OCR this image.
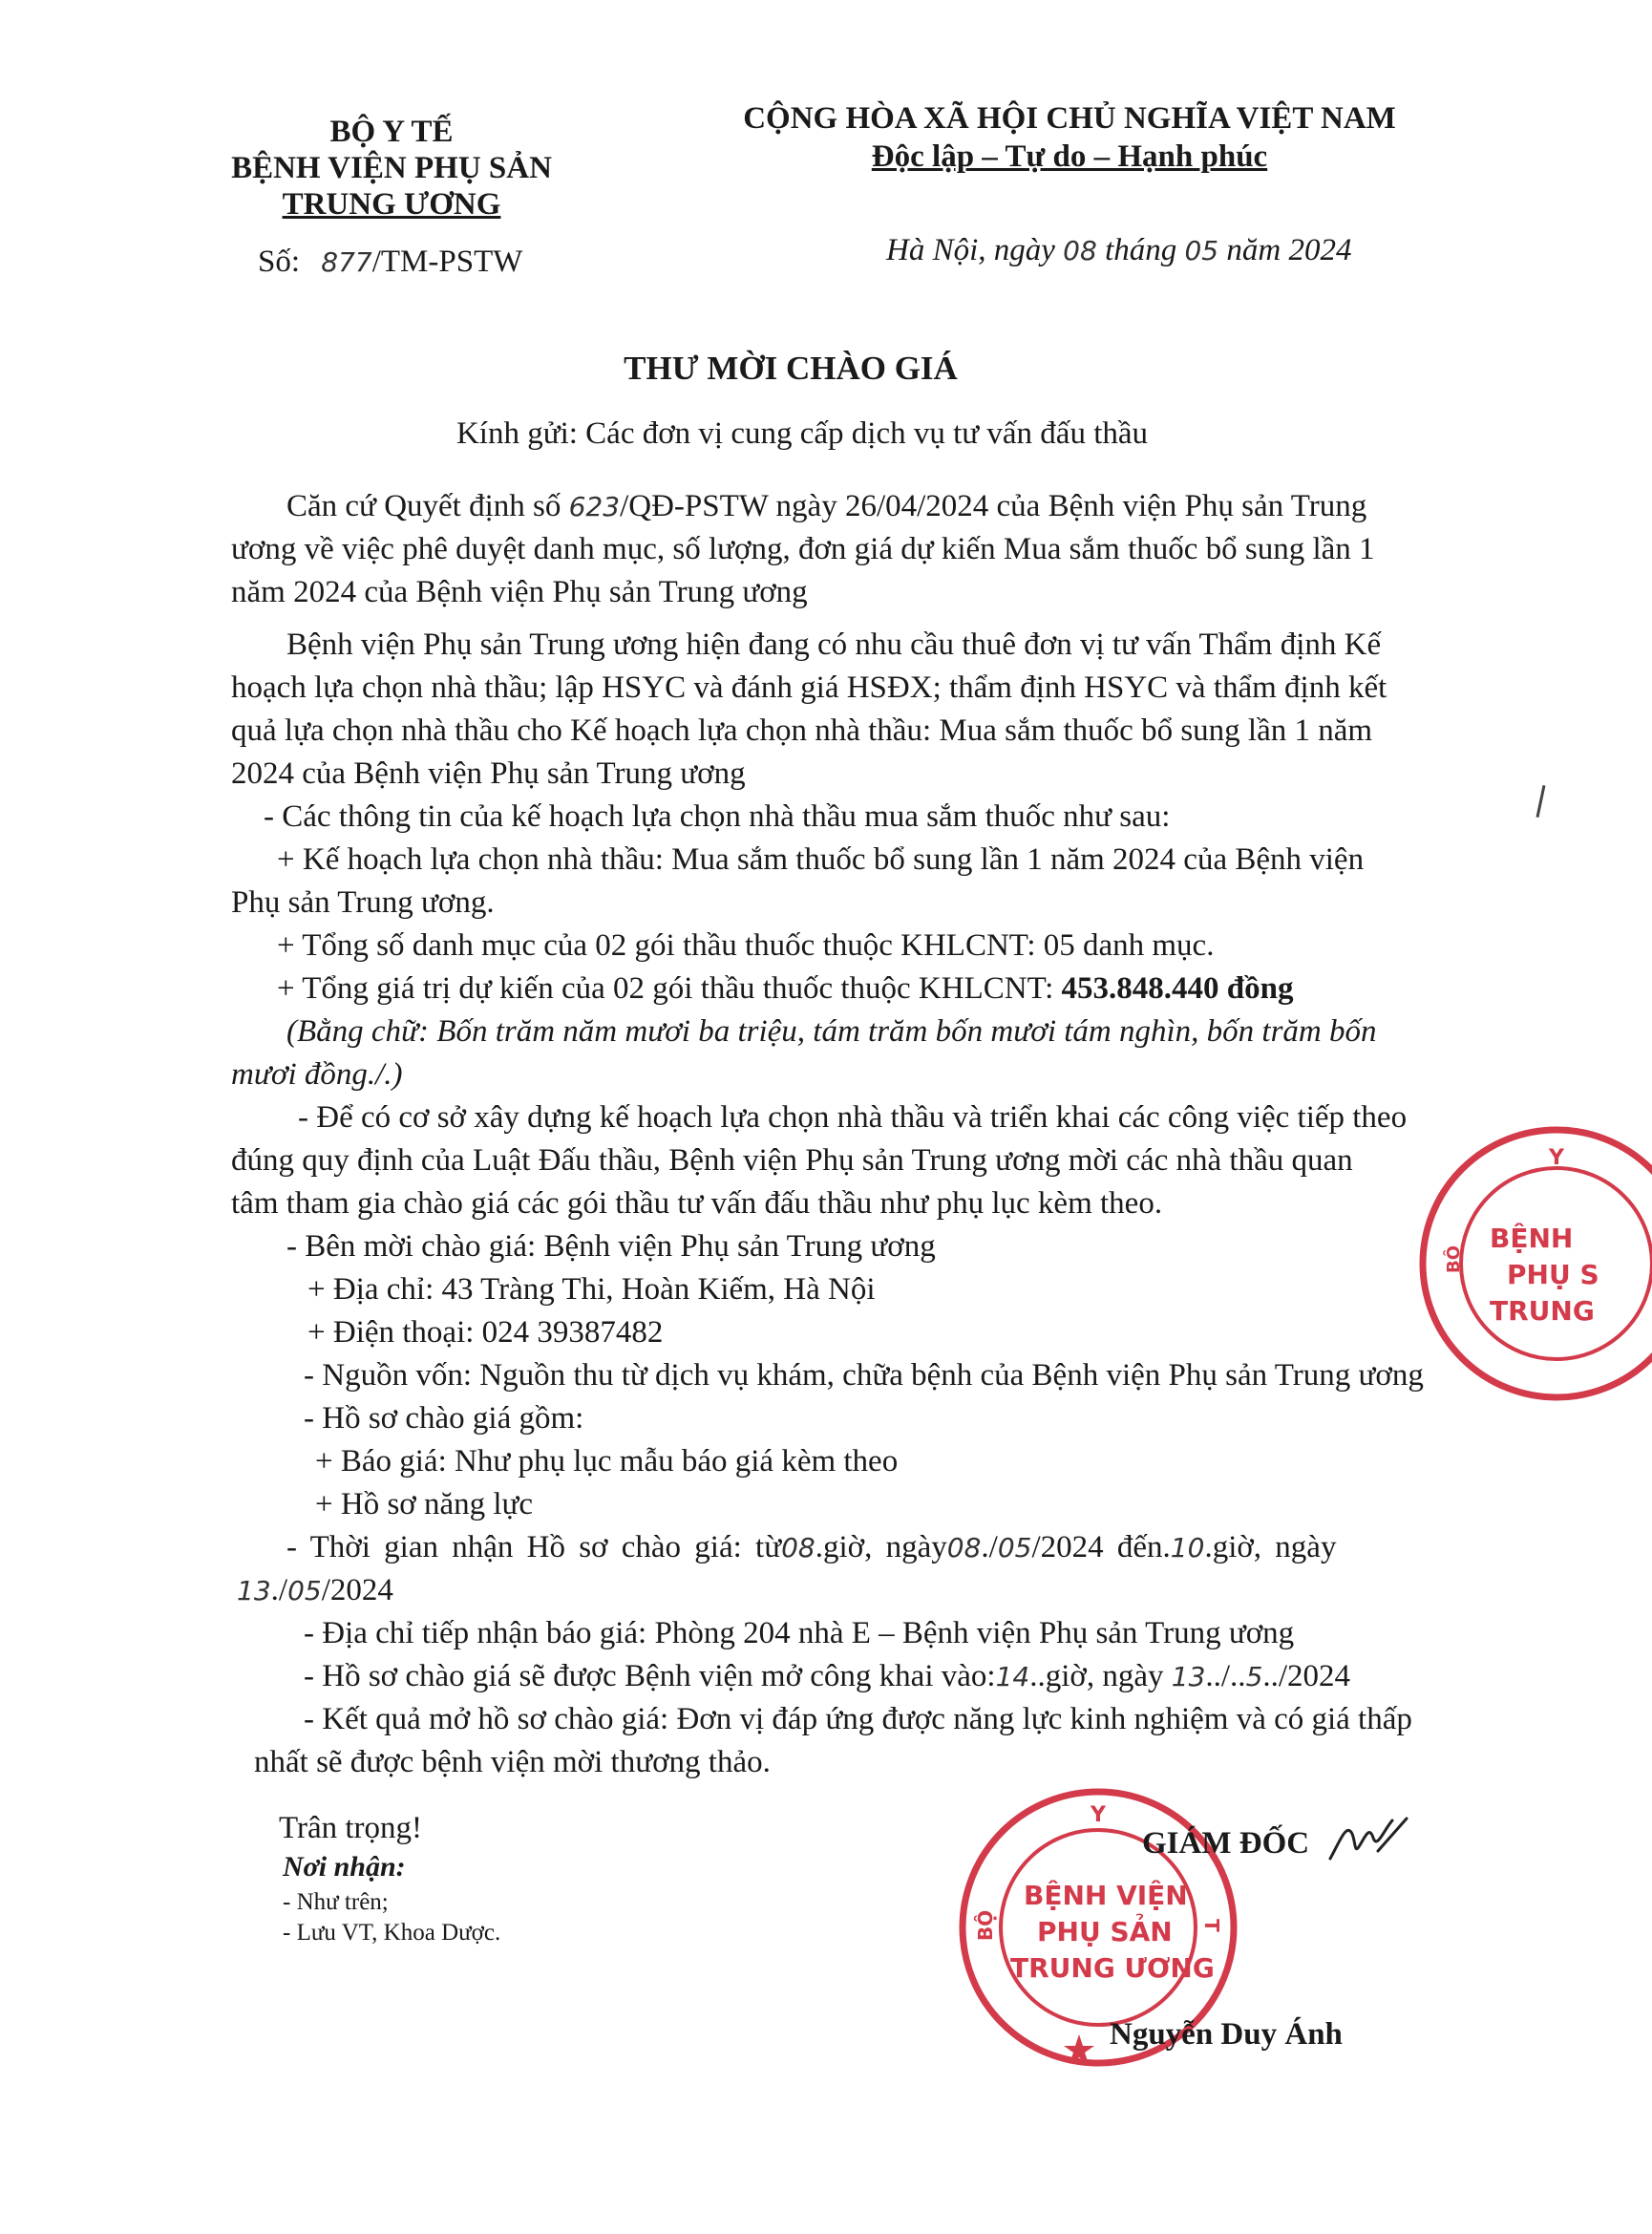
BỘ Y TẾ
BỆNH VIỆN PHỤ SẢN
TRUNG ƯƠNG
Số: 877/TM-PSTW
CỘNG HÒA XÃ HỘI CHỦ NGHĨA VIỆT NAM
Độc lập – Tự do – Hạnh phúc
Hà Nội, ngày 08 tháng 05 năm 2024
THƯ MỜI CHÀO GIÁ
Kính gửi: Các đơn vị cung cấp dịch vụ tư vấn đấu thầu
Căn cứ Quyết định số 623/QĐ-PSTW ngày 26/04/2024 của Bệnh viện Phụ sản Trung
ương về việc phê duyệt danh mục, số lượng, đơn giá dự kiến Mua sắm thuốc bổ sung lần 1
năm 2024 của Bệnh viện Phụ sản Trung ương
Bệnh viện Phụ sản Trung ương hiện đang có nhu cầu thuê đơn vị tư vấn Thẩm định Kế
hoạch lựa chọn nhà thầu; lập HSYC và đánh giá HSĐX; thẩm định HSYC và thẩm định kết
quả lựa chọn nhà thầu cho Kế hoạch lựa chọn nhà thầu: Mua sắm thuốc bổ sung lần 1 năm
2024 của Bệnh viện Phụ sản Trung ương
- Các thông tin của kế hoạch lựa chọn nhà thầu mua sắm thuốc như sau:
+ Kế hoạch lựa chọn nhà thầu: Mua sắm thuốc bổ sung lần 1 năm 2024 của Bệnh viện
Phụ sản Trung ương.
+ Tổng số danh mục của 02 gói thầu thuốc thuộc KHLCNT: 05 danh mục.
+ Tổng giá trị dự kiến của 02 gói thầu thuốc thuộc KHLCNT: 453.848.440 đồng
(Bằng chữ: Bốn trăm năm mươi ba triệu, tám trăm bốn mươi tám nghìn, bốn trăm bốn
mươi đồng./.)
- Để có cơ sở xây dựng kế hoạch lựa chọn nhà thầu và triển khai các công việc tiếp theo
đúng quy định của Luật Đấu thầu, Bệnh viện Phụ sản Trung ương mời các nhà thầu quan
tâm tham gia chào giá các gói thầu tư vấn đấu thầu như phụ lục kèm theo.
- Bên mời chào giá: Bệnh viện Phụ sản Trung ương
+ Địa chỉ: 43 Tràng Thi, Hoàn Kiếm, Hà Nội
+ Điện thoại: 024 39387482
- Nguồn vốn: Nguồn thu từ dịch vụ khám, chữa bệnh của Bệnh viện Phụ sản Trung ương
- Hồ sơ chào giá gồm:
+ Báo giá: Như phụ lục mẫu báo giá kèm theo
+ Hồ sơ năng lực
- Thời gian nhận Hồ sơ chào giá: từ08.giờ, ngày08./05/2024 đến.10.giờ, ngày
13./05/2024
- Địa chỉ tiếp nhận báo giá: Phòng 204 nhà E – Bệnh viện Phụ sản Trung ương
- Hồ sơ chào giá sẽ được Bệnh viện mở công khai vào:14..giờ, ngày 13../..5../2024
- Kết quả mở hồ sơ chào giá: Đơn vị đáp ứng được năng lực kinh nghiệm và có giá thấp
nhất sẽ được bệnh viện mời thương thảo.
Trân trọng!
Nơi nhận:
- Như trên;
- Lưu VT, Khoa Dược.
BỆNH
PHỤ S
TRUNG
Y
BỘ
Y
BỘ	T
BỆNH VIỆN
PHỤ SẢN
TRUNG ƯƠNG
GIÁM ĐỐC
Nguyễn Duy Ánh
